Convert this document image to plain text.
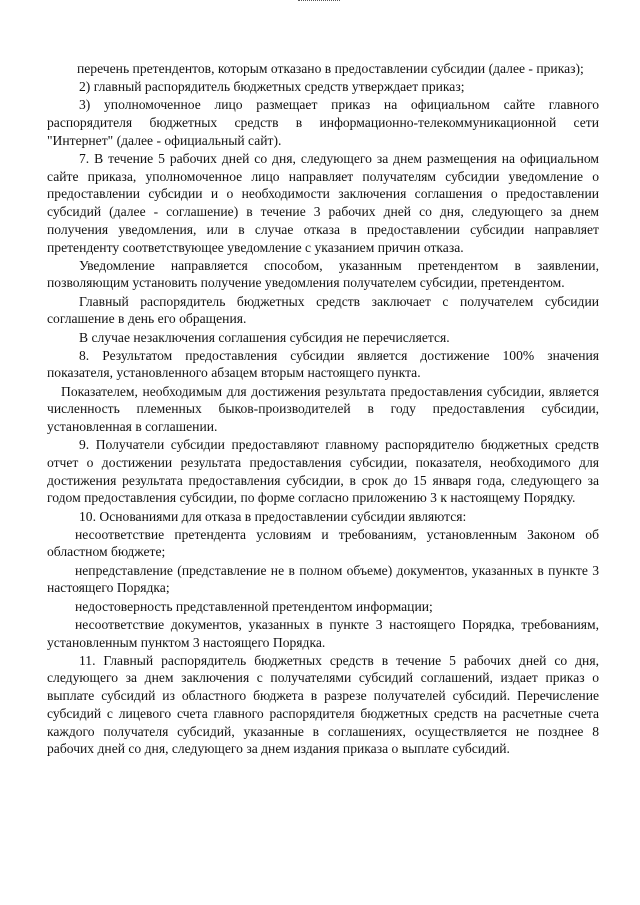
перечень претендентов, которым отказано в предоставлении субсидии (далее - приказ);

2) главный распорядитель бюджетных средств утверждает приказ;

3) уполномоченное лицо размещает приказ на официальном сайте главного распорядителя бюджетных средств в информационно-телекоммуникационной сети "Интернет" (далее - официальный сайт).

7. В течение 5 рабочих дней со дня, следующего за днем размещения на официальном сайте приказа, уполномоченное лицо направляет получателям субсидии уведомление о предоставлении субсидии и о необходимости заключения соглашения о предоставлении субсидий (далее - соглашение) в течение 3 рабочих дней со дня, следующего за днем получения уведомления, или в случае отказа в предоставлении субсидии направляет претенденту соответствующее уведомление с указанием причин отказа.

Уведомление направляется способом, указанным претендентом в заявлении, позволяющим установить получение уведомления получателем субсидии, претендентом.

Главный распорядитель бюджетных средств заключает с получателем субсидии соглашение в день его обращения.

В случае незаключения соглашения субсидия не перечисляется.

8. Результатом предоставления субсидии является достижение 100% значения показателя, установленного абзацем вторым настоящего пункта.

Показателем, необходимым для достижения результата предоставления субсидии, является численность племенных быков-производителей в году предоставления субсидии, установленная в соглашении.

9. Получатели субсидии предоставляют главному распорядителю бюджетных средств отчет о достижении результата предоставления субсидии, показателя, необходимого для достижения результата предоставления субсидии, в срок до 15 января года, следующего за годом предоставления субсидии, по форме согласно приложению 3 к настоящему Порядку.

10. Основаниями для отказа в предоставлении субсидии являются:

несоответствие претендента условиям и требованиям, установленным Законом об областном бюджете;

непредставление (представление не в полном объеме) документов, указанных в пункте 3 настоящего Порядка;

недостоверность представленной претендентом информации;

несоответствие документов, указанных в пункте 3 настоящего Порядка, требованиям, установленным пунктом 3 настоящего Порядка.

11. Главный распорядитель бюджетных средств в течение 5 рабочих дней со дня, следующего за днем заключения с получателями субсидий соглашений, издает приказ о выплате субсидий из областного бюджета в разрезе получателей субсидий. Перечисление субсидий с лицевого счета главного распорядителя бюджетных средств на расчетные счета каждого получателя субсидий, указанные в соглашениях, осуществляется не позднее 8 рабочих дней со дня, следующего за днем издания приказа о выплате субсидий.
